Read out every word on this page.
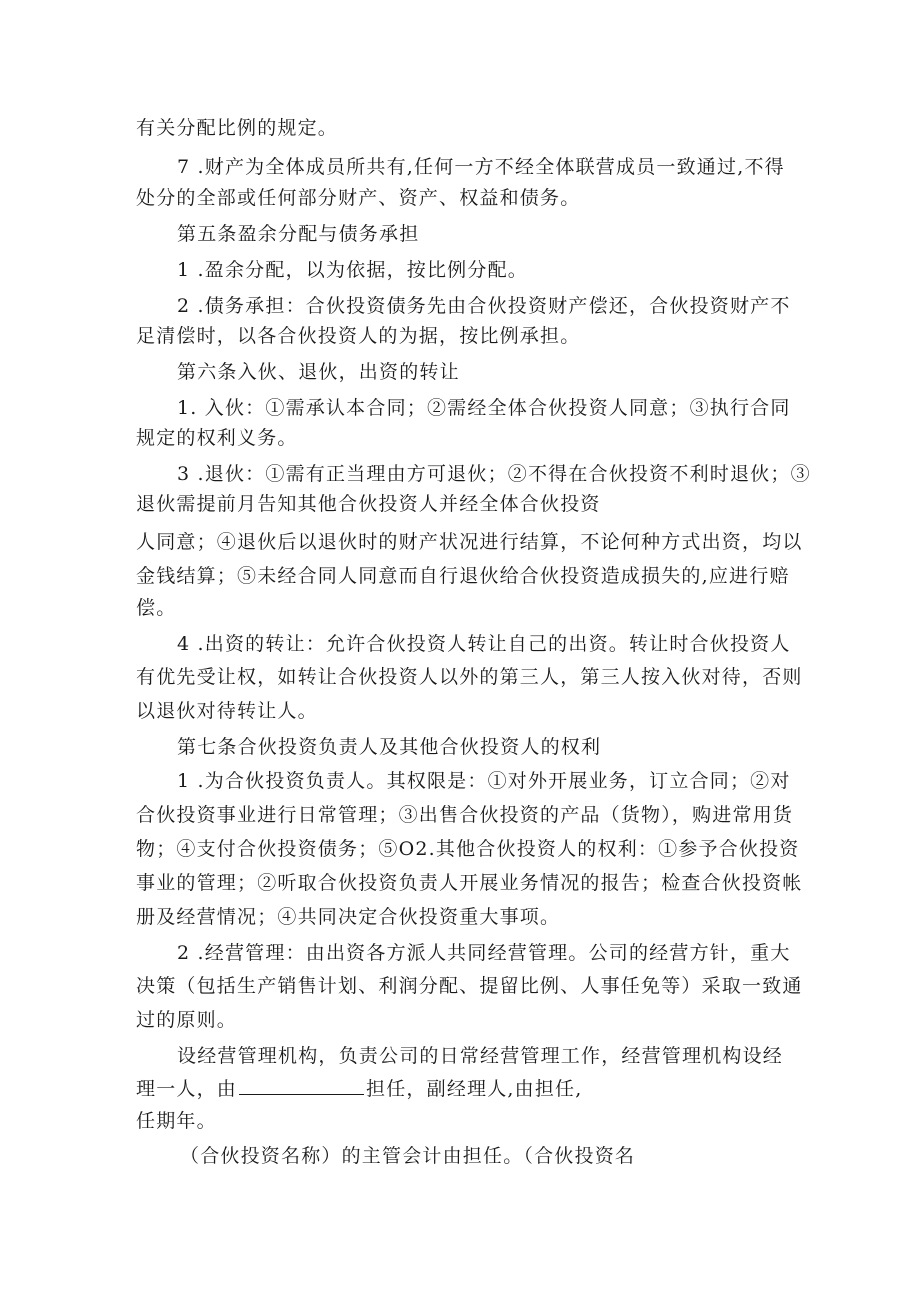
有关分配比例的规定。
7 .财产为全体成员所共有,任何一方不经全体联营成员一致通过,不得
处分的全部或任何部分财产、资产、权益和债务。
第五条盈余分配与债务承担
1 .盈余分配，以为依据，按比例分配。
2 .债务承担：合伙投资债务先由合伙投资财产偿还，合伙投资财产不
足清偿时，以各合伙投资人的为据，按比例承担。
第六条入伙、退伙，出资的转让
1. 入伙：①需承认本合同；②需经全体合伙投资人同意；③执行合同
规定的权利义务。
3 .退伙：①需有正当理由方可退伙；②不得在合伙投资不利时退伙；③
退伙需提前月告知其他合伙投资人并经全体合伙投资
人同意；④退伙后以退伙时的财产状况进行结算，不论何种方式出资，均以
金钱结算；⑤未经合同人同意而自行退伙给合伙投资造成损失的,应进行赔
偿。
4 .出资的转让：允许合伙投资人转让自己的出资。转让时合伙投资人
有优先受让权，如转让合伙投资人以外的第三人，第三人按入伙对待，否则
以退伙对待转让人。
第七条合伙投资负责人及其他合伙投资人的权利
1 .为合伙投资负责人。其权限是：①对外开展业务，订立合同；②对
合伙投资事业进行日常管理；③出售合伙投资的产品（货物），购进常用货
物；④支付合伙投资债务；⑤O2.其他合伙投资人的权利：①参予合伙投资
事业的管理；②听取合伙投资负责人开展业务情况的报告；检查合伙投资帐
册及经营情况；④共同决定合伙投资重大事项。
2 .经营管理：由出资各方派人共同经营管理。公司的经营方针，重大
决策（包括生产销售计划、利润分配、提留比例、人事任免等）采取一致通
过的原则。
设经营管理机构，负责公司的日常经营管理工作，经营管理机构设经
理一人，由	担任，副经理人,由担任,
任期年。
（合伙投资名称）的主管会计由担任。（合伙投资名
